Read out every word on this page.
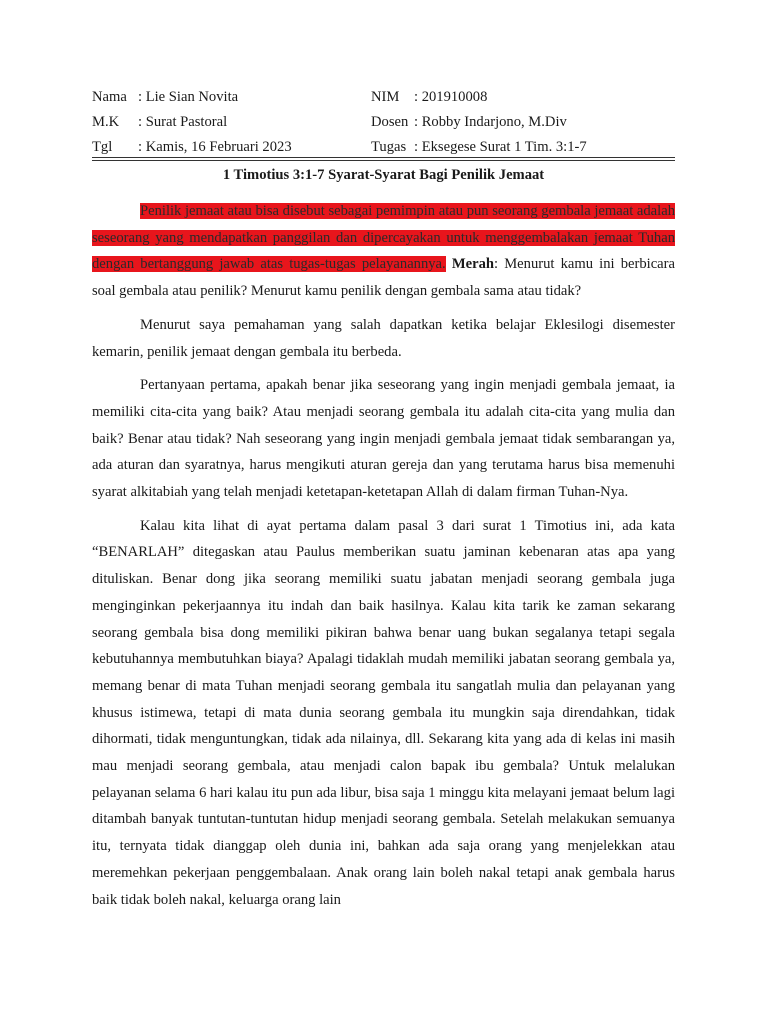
Nama : Lie Sian Novita	NIM : 201910008
M.K : Surat Pastoral	Dosen : Robby Indarjono, M.Div
Tgl : Kamis, 16 Februari 2023	Tugas : Eksegese Surat 1 Tim. 3:1-7
1 Timotius 3:1-7 Syarat-Syarat Bagi Penilik Jemaat

Penilik jemaat atau bisa disebut sebagai pemimpin atau pun seorang gembala jemaat adalah seseorang yang mendapatkan panggilan dan dipercayakan untuk menggembalakan jemaat Tuhan dengan bertanggung jawab atas tugas-tugas pelayanannya. Merah: Menurut kamu ini berbicara soal gembala atau penilik? Menurut kamu penilik dengan gembala sama atau tidak?

Menurut saya pemahaman yang salah dapatkan ketika belajar Eklesilogi disemester kemarin, penilik jemaat dengan gembala itu berbeda.

Pertanyaan pertama, apakah benar jika seseorang yang ingin menjadi gembala jemaat, ia memiliki cita-cita yang baik? Atau menjadi seorang gembala itu adalah cita-cita yang mulia dan baik? Benar atau tidak? Nah seseorang yang ingin menjadi gembala jemaat tidak sembarangan ya, ada aturan dan syaratnya, harus mengikuti aturan gereja dan yang terutama harus bisa memenuhi syarat alkitabiah yang telah menjadi ketetapan-ketetapan Allah di dalam firman Tuhan-Nya.

Kalau kita lihat di ayat pertama dalam pasal 3 dari surat 1 Timotius ini, ada kata “BENARLAH” ditegaskan atau Paulus memberikan suatu jaminan kebenaran atas apa yang dituliskan. Benar dong jika seorang memiliki suatu jabatan menjadi seorang gembala juga menginginkan pekerjaannya itu indah dan baik hasilnya. Kalau kita tarik ke zaman sekarang seorang gembala bisa dong memiliki pikiran bahwa benar uang bukan segalanya tetapi segala kebutuhannya membutuhkan biaya? Apalagi tidaklah mudah memiliki jabatan seorang gembala ya, memang benar di mata Tuhan menjadi seorang gembala itu sangatlah mulia dan pelayanan yang khusus istimewa, tetapi di mata dunia seorang gembala itu mungkin saja direndahkan, tidak dihormati, tidak menguntungkan, tidak ada nilainya, dll. Sekarang kita yang ada di kelas ini masih mau menjadi seorang gembala, atau menjadi calon bapak ibu gembala? Untuk melalukan pelayanan selama 6 hari kalau itu pun ada libur, bisa saja 1 minggu kita melayani jemaat belum lagi ditambah banyak tuntutan-tuntutan hidup menjadi seorang gembala. Setelah melakukan semuanya itu, ternyata tidak dianggap oleh dunia ini, bahkan ada saja orang yang menjelekkan atau meremehkan pekerjaan penggembalaan. Anak orang lain boleh nakal tetapi anak gembala harus baik tidak boleh nakal, keluarga orang lain
